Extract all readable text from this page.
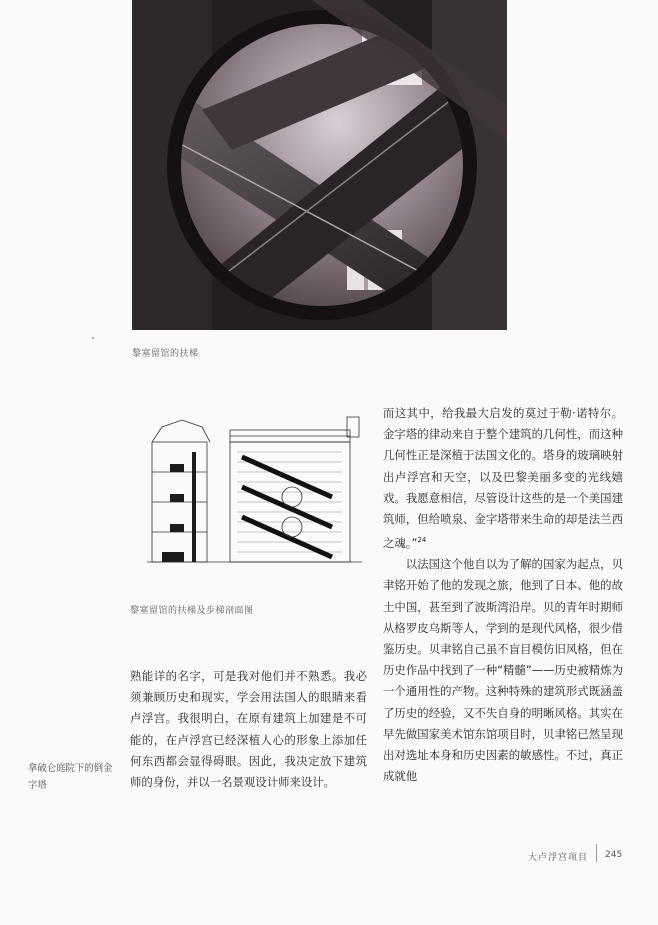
黎塞留馆的扶梯
黎塞留馆的扶梯及步梯剖面图

而这其中，给我最大启发的莫过于勒·诺特尔。金字塔的律动来自于整个建筑的几何性，而这种几何性正是深植于法国文化的。塔身的玻璃映射出卢浮宫和天空，以及巴黎美丽多变的光线嬉戏。我愿意相信，尽管设计这些的是一个美国建筑师，但给喷泉、金字塔带来生命的却是法兰西之魂。”$^{24}$

以法国这个他自以为了解的国家为起点，贝聿铭开始了他的发现之旅，他到了日本、他的故土中国，甚至到了波斯湾沿岸。贝的青年时期师从格罗皮乌斯等人，学到的是现代风格，很少借鉴历史。贝聿铭自己虽不盲目模仿旧风格，但在历史作品中找到了一种“精髓”——历史被精炼为一个通用性的产物。这种特殊的建筑形式既涵盖了历史的经验，又不失自身的明晰风格。其实在早先做国家美术馆东馆项目时，贝聿铭已然呈现出对选址本身和历史因素的敏感性。不过，真正成就他

熟能详的名字，可是我对他们并不熟悉。我必须兼顾历史和现实，学会用法国人的眼睛来看卢浮宫。我很明白，在原有建筑上加建是不可能的，在卢浮宫已经深植人心的形象上添加任何东西都会显得碍眼。因此，我决定放下建筑师的身份，并以一名景观设计师来设计。

拿破仑庭院下的倒金字塔
大卢浮宫项目 245
